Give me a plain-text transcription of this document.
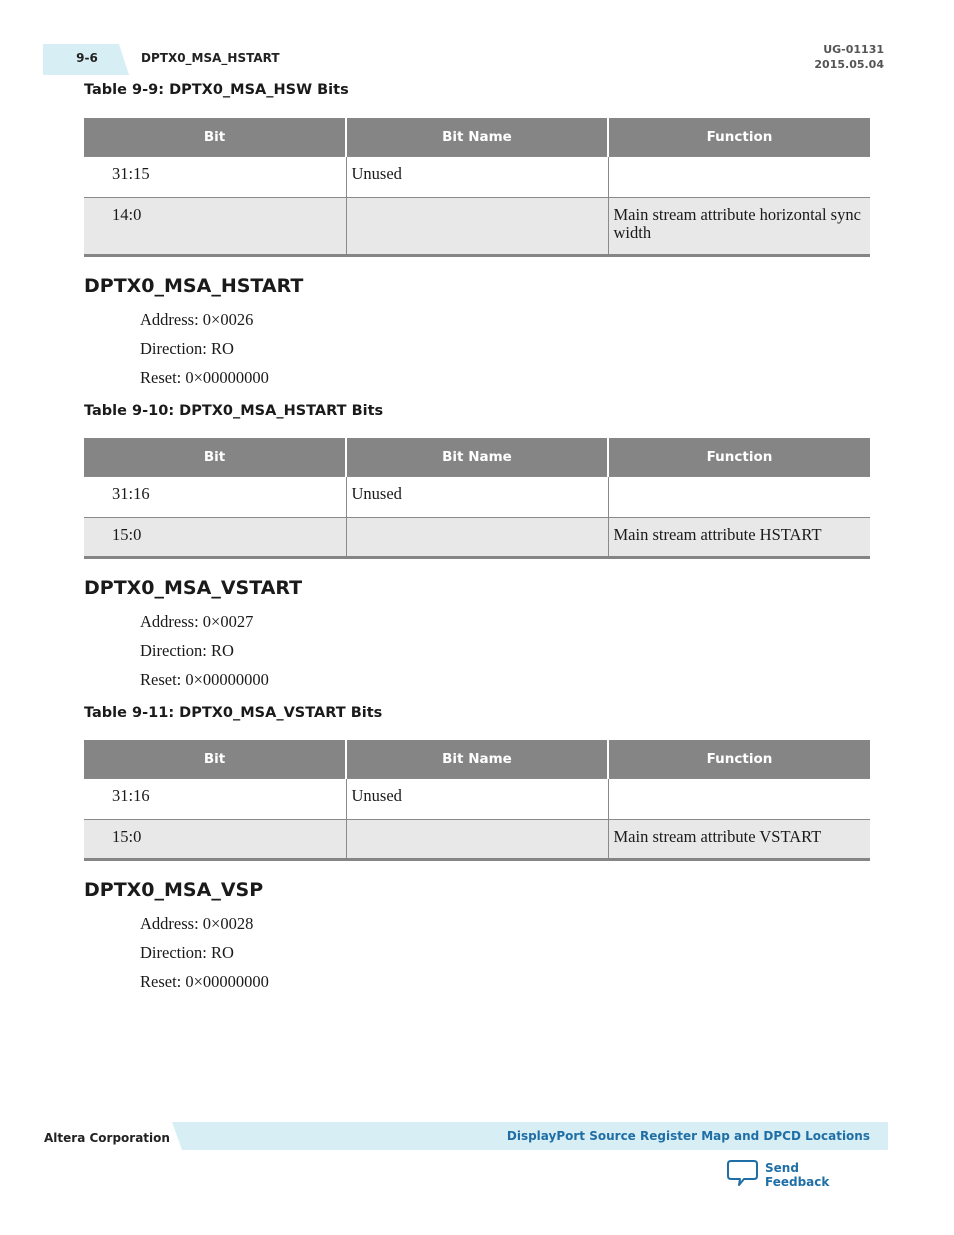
9-6	DPTX0_MSA_HSTART
UG-01131
2015.05.04
Table 9-9: DPTX0_MSA_HSW Bits
Bit	Bit Name	Function
31:15	Unused	
14:0		Main stream attribute horizontal sync width
DPTX0_MSA_HSTART
Address: 0×0026
Direction: RO
Reset: 0×00000000
Table 9-10: DPTX0_MSA_HSTART Bits
Bit	Bit Name	Function
31:16	Unused	
15:0		Main stream attribute HSTART
DPTX0_MSA_VSTART
Address: 0×0027
Direction: RO
Reset: 0×00000000
Table 9-11: DPTX0_MSA_VSTART Bits
Bit	Bit Name	Function
31:16	Unused	
15:0		Main stream attribute VSTART
DPTX0_MSA_VSP
Address: 0×0028
Direction: RO
Reset: 0×00000000
Altera Corporation	DisplayPort Source Register Map and DPCD Locations
Send Feedback
